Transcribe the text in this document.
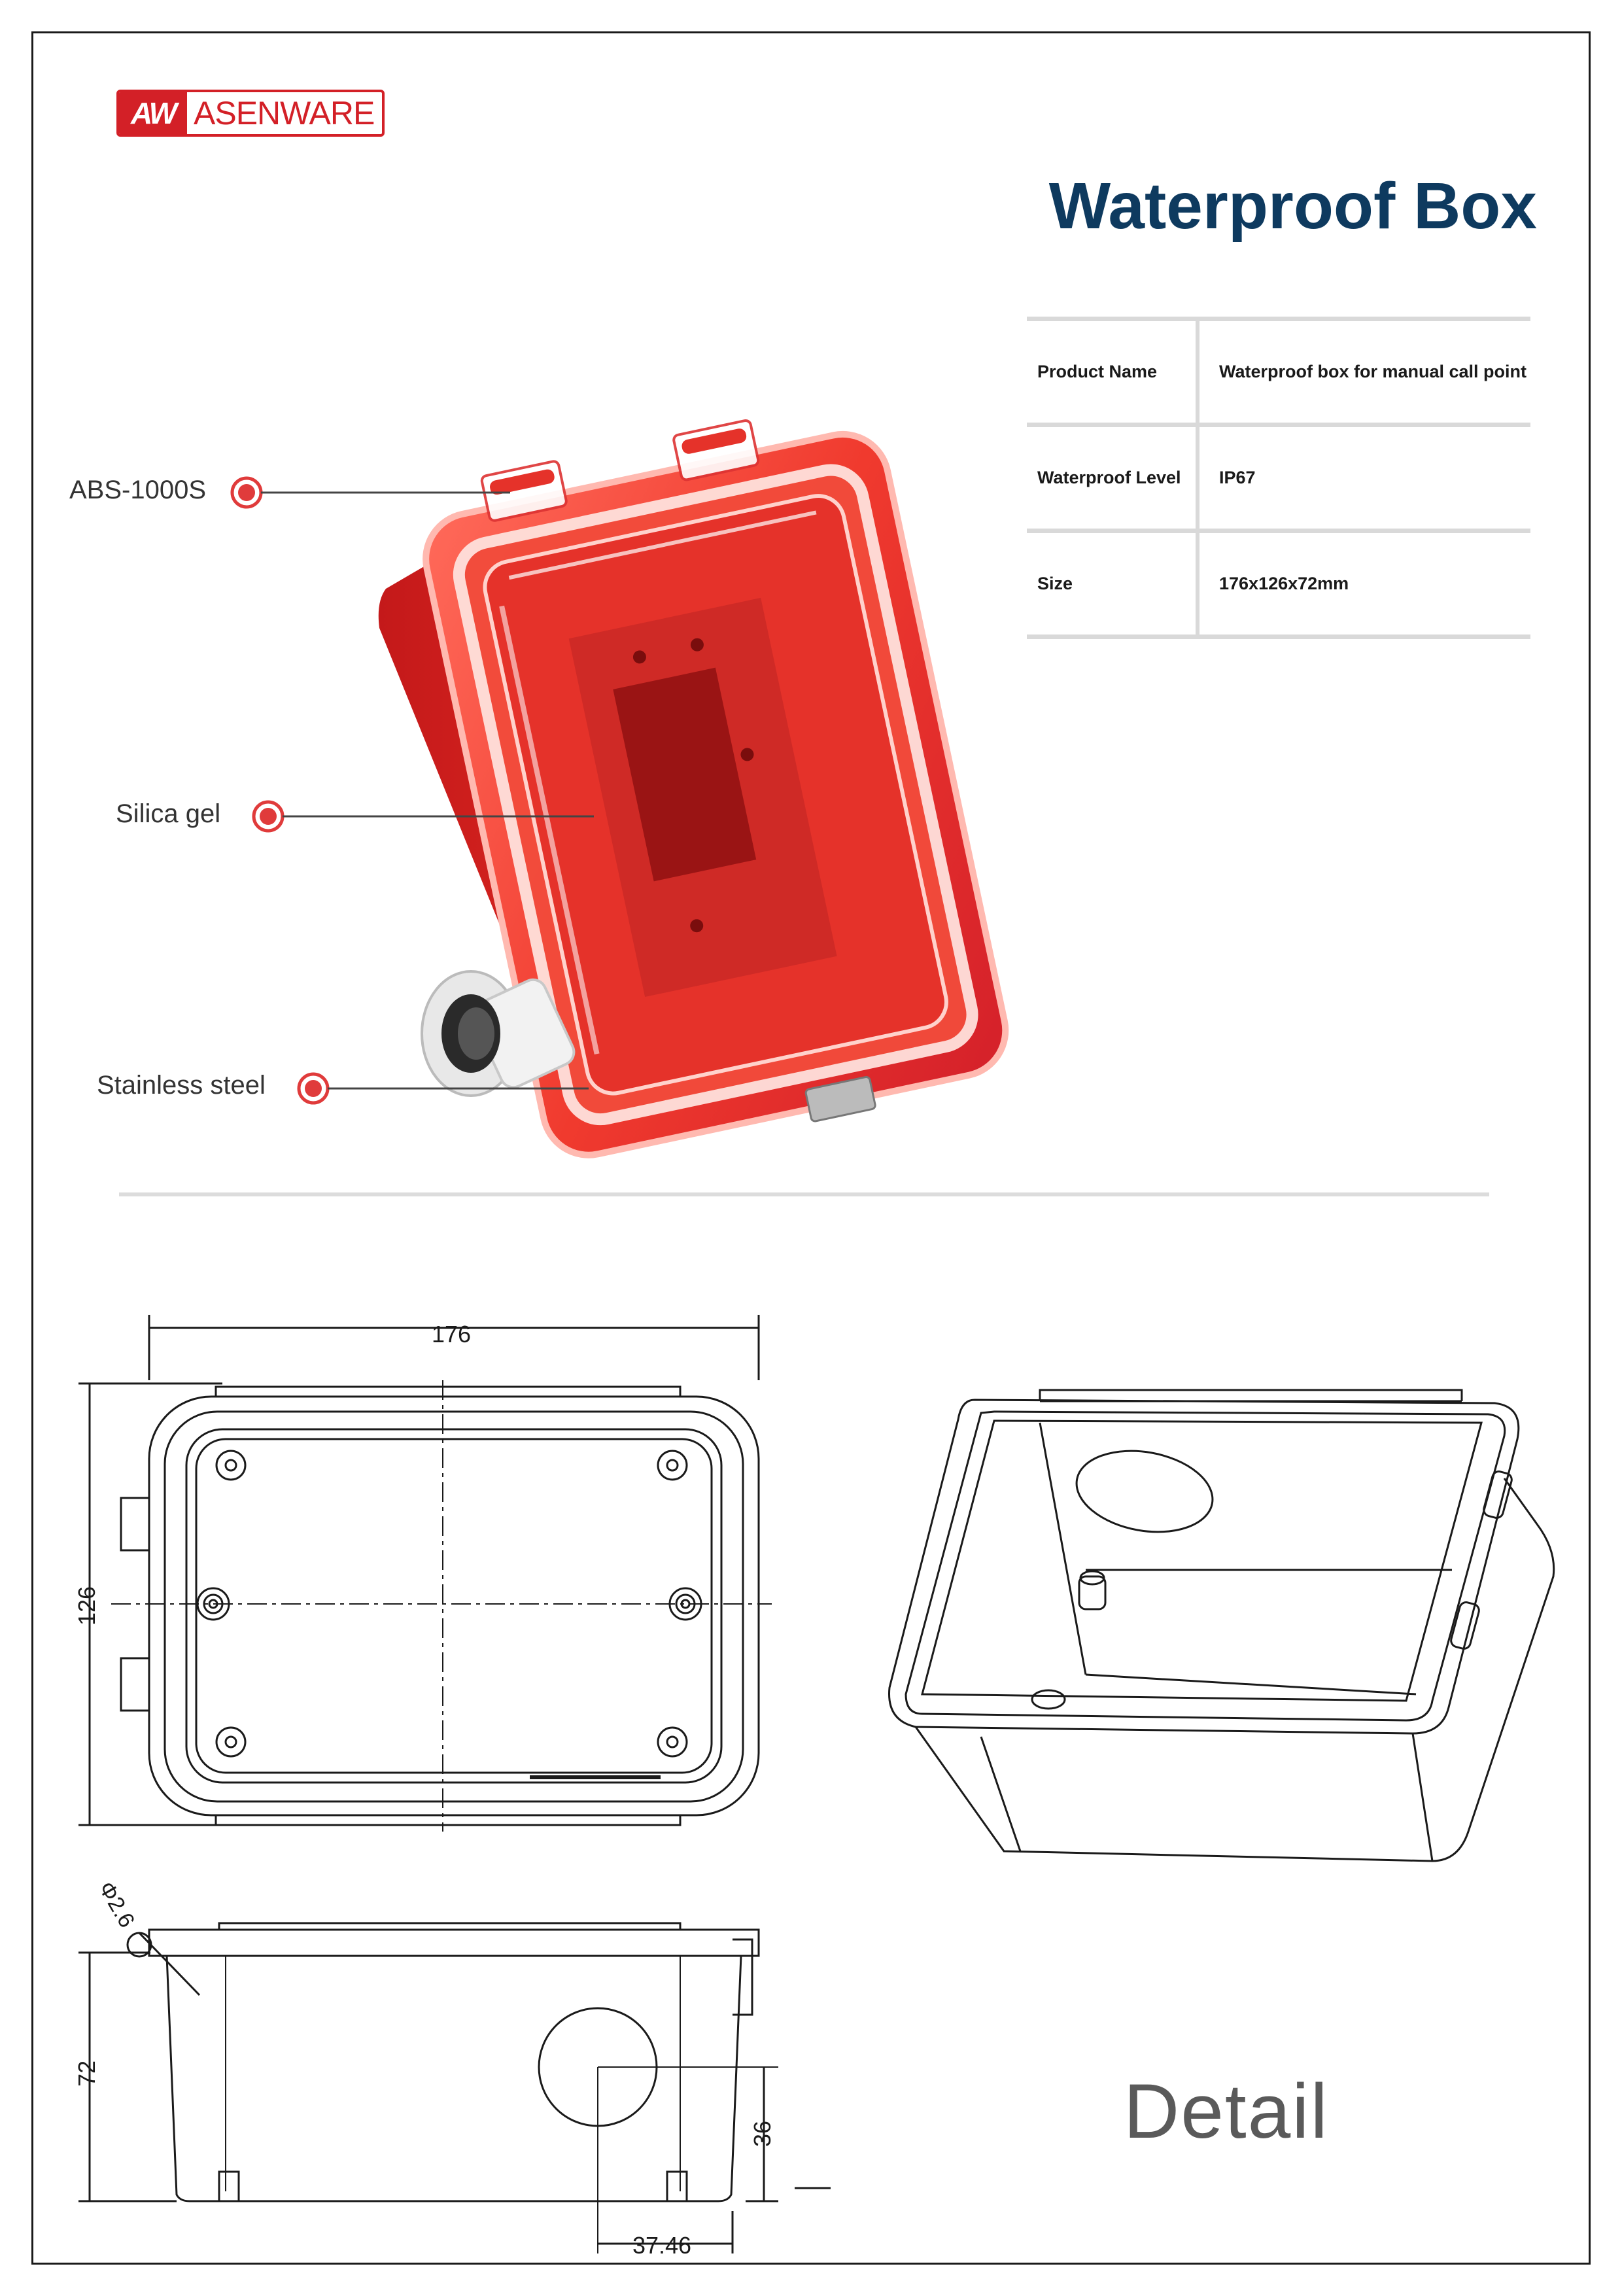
AW ASENWARE
Waterproof Box
Product Name	Waterproof box for manual call point
Waterproof Level	IP67
Size	176x126x72mm
ABS-1000S
Silica gel
Stainless steel
176
126
Φ2.6
72
36
37.46
Detail
